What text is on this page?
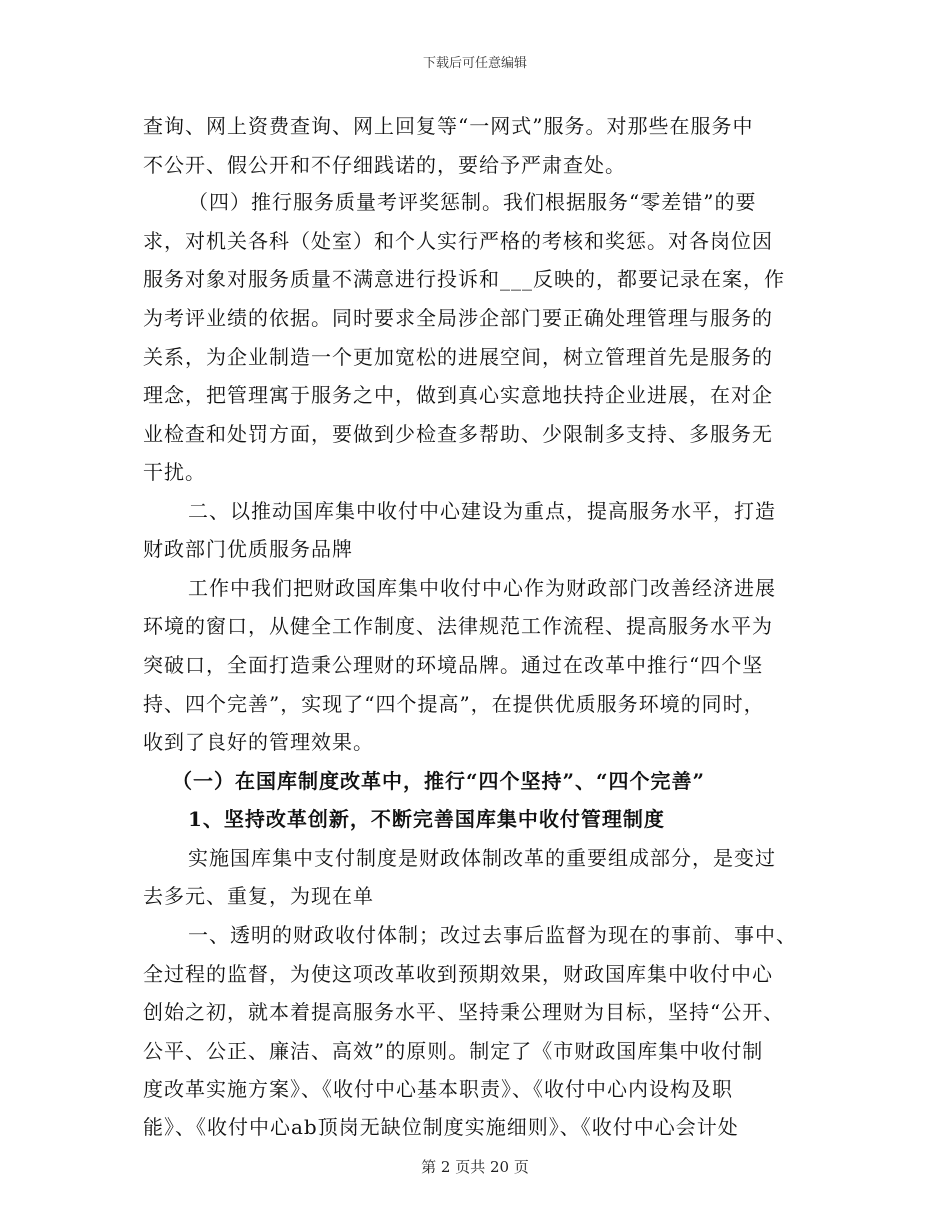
下载后可任意编辑
查询、网上资费查询、网上回复等“一网式”服务。对那些在服务中
不公开、假公开和不仔细践诺的，要给予严肃查处。
（四）推行服务质量考评奖惩制。我们根据服务“零差错”的要
求，对机关各科（处室）和个人实行严格的考核和奖惩。对各岗位因
服务对象对服务质量不满意进行投诉和___反映的，都要记录在案，作
为考评业绩的依据。同时要求全局涉企部门要正确处理管理与服务的
关系，为企业制造一个更加宽松的进展空间，树立管理首先是服务的
理念，把管理寓于服务之中，做到真心实意地扶持企业进展，在对企
业检查和处罚方面，要做到少检查多帮助、少限制多支持、多服务无
干扰。
二、以推动国库集中收付中心建设为重点，提高服务水平，打造
财政部门优质服务品牌
工作中我们把财政国库集中收付中心作为财政部门改善经济进展
环境的窗口，从健全工作制度、法律规范工作流程、提高服务水平为
突破口，全面打造秉公理财的环境品牌。通过在改革中推行“四个坚
持、四个完善”，实现了“四个提高”，在提供优质服务环境的同时，
收到了良好的管理效果。
（一）在国库制度改革中，推行“四个坚持”、“四个完善”
1、坚持改革创新，不断完善国库集中收付管理制度
实施国库集中支付制度是财政体制改革的重要组成部分，是变过
去多元、重复，为现在单
一、透明的财政收付体制；改过去事后监督为现在的事前、事中、
全过程的监督，为使这项改革收到预期效果，财政国库集中收付中心
创始之初，就本着提高服务水平、坚持秉公理财为目标，坚持“公开、
公平、公正、廉洁、高效”的原则。制定了《市财政国库集中收付制
度改革实施方案》、《收付中心基本职责》、《收付中心内设构及职
能》、《收付中心ab顶岗无缺位制度实施细则》、《收付中心会计处
第 2 页共 20 页
